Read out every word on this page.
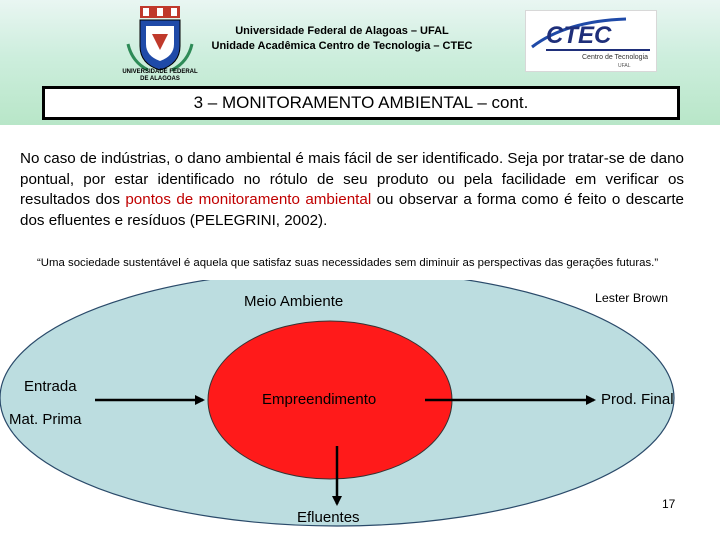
UNIVERSIDADE FEDERAL
DE ALAGOAS
Universidade Federal de Alagoas – UFAL
Unidade Acadêmica Centro de Tecnologia – CTEC	CTEC
Centro de Tecnologia
UFAL
3 – MONITORAMENTO AMBIENTAL – cont.
No caso de indústrias, o dano ambiental é mais fácil de ser identificado. Seja por tratar-se de dano pontual, por estar identificado no rótulo de seu produto ou pela facilidade em verificar os resultados dos pontos de monitoramento ambiental ou observar a forma como é feito o descarte dos efluentes e resíduos (PELEGRINI, 2002).
“Uma sociedade sustentável é aquela que satisfaz suas necessidades sem diminuir as perspectivas das gerações futuras.”
Lester Brown
Meio Ambiente
Empreendimento
Entrada
Mat. Prima
Prod. Final
Efluentes
17
